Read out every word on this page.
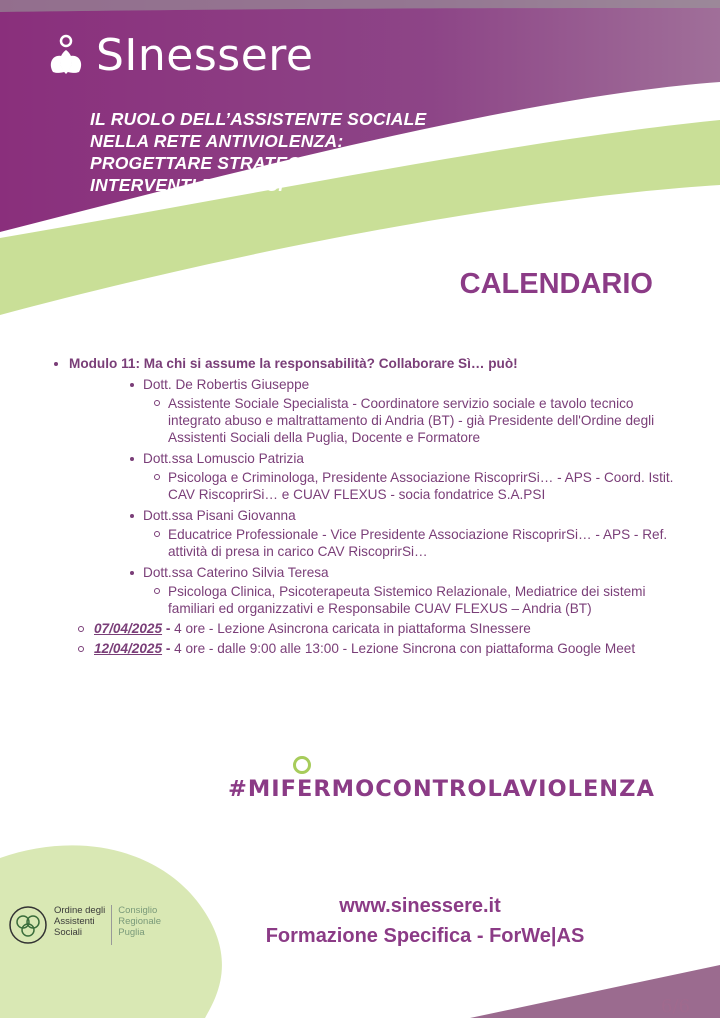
SInessere
IL RUOLO DELL’ASSISTENTE SOCIALE
NELLA RETE ANTIVIOLENZA:
PROGETTARE STRATEGIE E
INTERVENTI EFFICACI
CALENDARIO
Modulo 11: Ma chi si assume la responsabilità? Collaborare Sì… può!
Dott. De Robertis Giuseppe
Assistente Sociale Specialista - Coordinatore servizio sociale e tavolo tecnico integrato abuso e maltrattamento di Andria (BT) - già Presidente dell'Ordine degli Assistenti Sociali della Puglia, Docente e Formatore
Dott.ssa Lomuscio Patrizia
Psicologa e Criminologa, Presidente Associazione RiscoprirSi… - APS - Coord. Istit. CAV RiscoprirSi… e CUAV FLEXUS - socia fondatrice S.A.PSI
Dott.ssa Pisani Giovanna
Educatrice Professionale - Vice Presidente Associazione RiscoprirSi… - APS - Ref. attività di presa in carico CAV RiscoprirSi…
Dott.ssa Caterino Silvia Teresa
Psicologa Clinica, Psicoterapeuta Sistemico Relazionale, Mediatrice dei sistemi familiari ed organizzativi e Responsabile CUAV FLEXUS – Andria (BT)
07/04/2025 - 4 ore - Lezione Asincrona caricata in piattaforma SInessere
12/04/2025 - 4 ore - dalle 9:00 alle 13:00 - Lezione Sincrona con piattaforma Google Meet
#MIFERMOCONTROLAVIOLENZA
www.sinessere.it
Formazione Specifica - ForWe|AS
Ordine degli
Assistenti
Sociali
Consiglio
Regionale
Puglia
6/6
